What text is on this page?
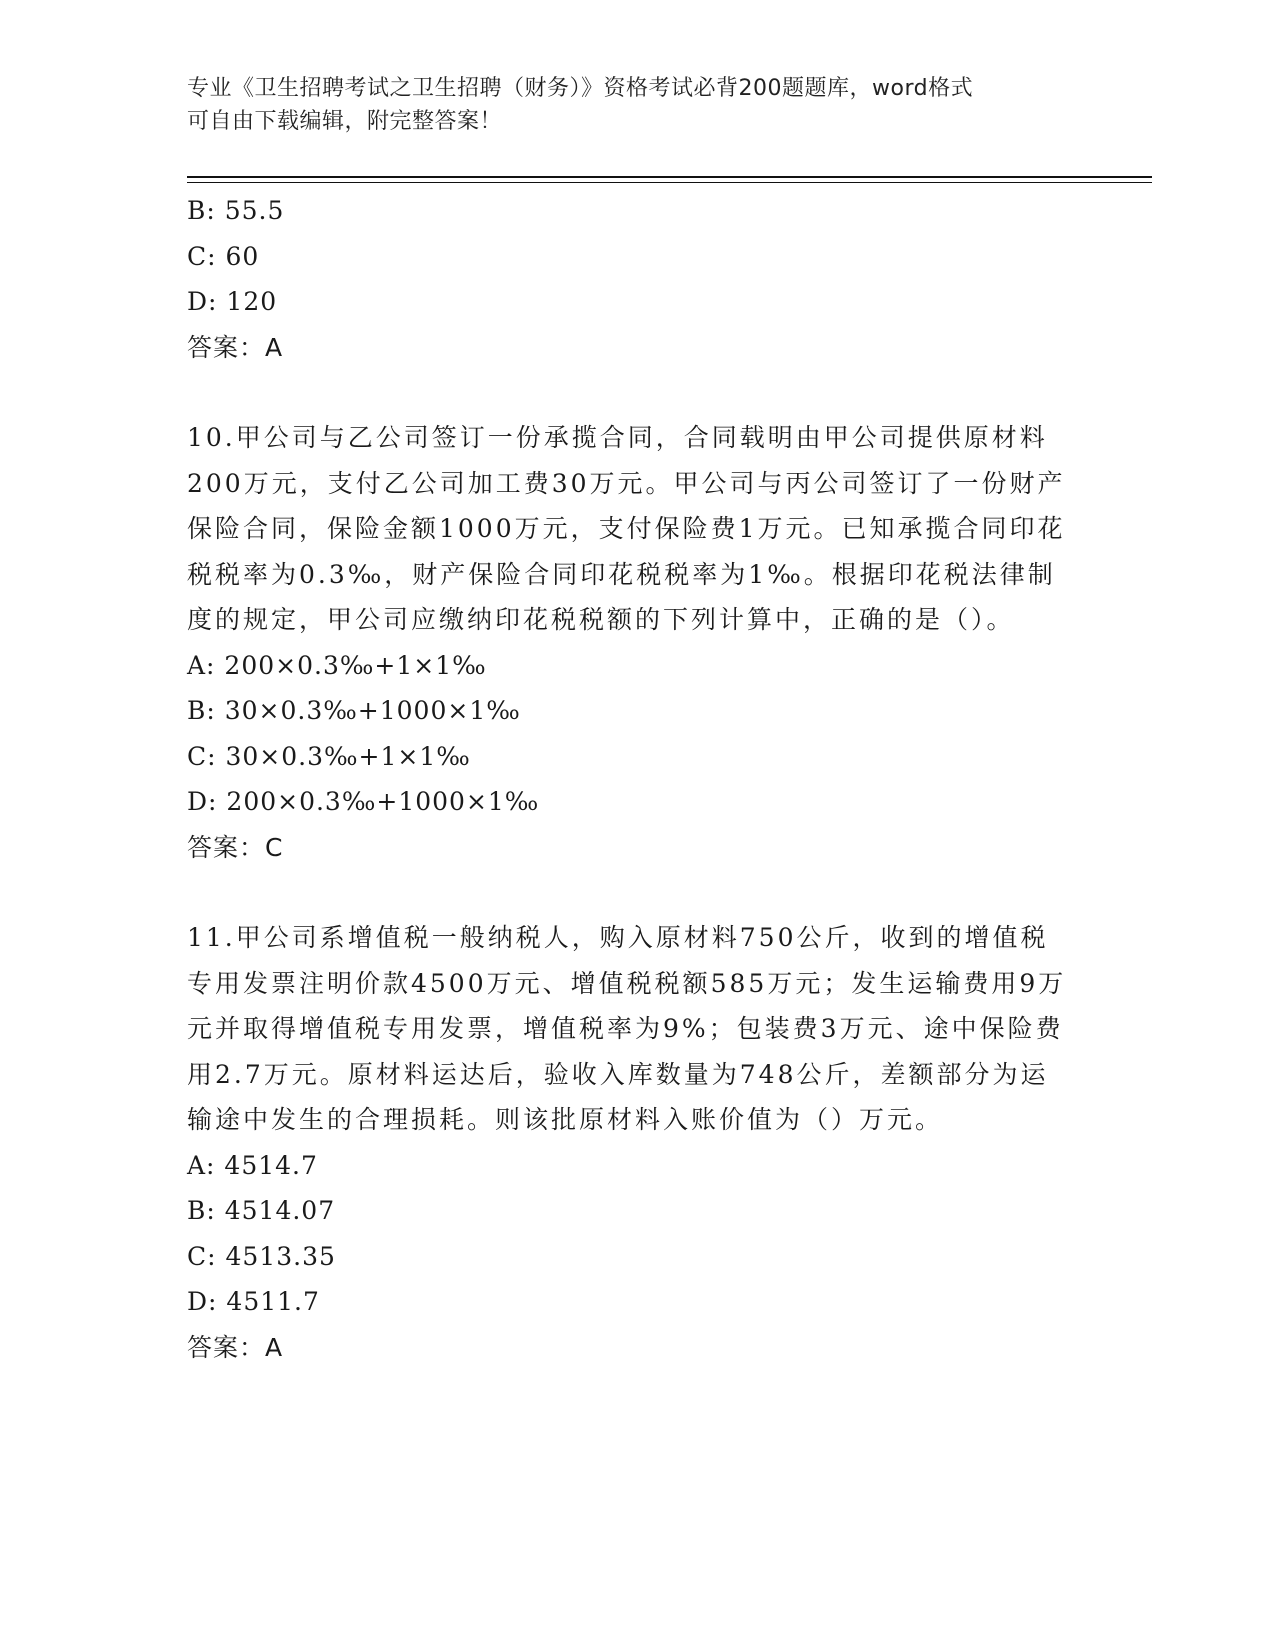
专业《卫生招聘考试之卫生招聘（财务）》资格考试必背200题题库，word格式
可自由下载编辑，附完整答案！
B: 55.5
C: 60
D: 120
答案：A
10.甲公司与乙公司签订一份承揽合同，合同载明由甲公司提供原材料200万元，支付乙公司加工费30万元。甲公司与丙公司签订了一份财产保险合同，保险金额1000万元，支付保险费1万元。已知承揽合同印花税税率为0.3‰，财产保险合同印花税税率为1‰。根据印花税法律制度的规定，甲公司应缴纳印花税税额的下列计算中，正确的是（）。
A: 200×0.3‰+1×1‰
B: 30×0.3‰+1000×1‰
C: 30×0.3‰+1×1‰
D: 200×0.3‰+1000×1‰
答案：C
11.甲公司系增值税一般纳税人，购入原材料750公斤，收到的增值税专用发票注明价款4500万元、增值税税额585万元；发生运输费用9万元并取得增值税专用发票，增值税率为9%；包装费3万元、途中保险费用2.7万元。原材料运达后，验收入库数量为748公斤，差额部分为运输途中发生的合理损耗。则该批原材料入账价值为（）万元。
A: 4514.7
B: 4514.07
C: 4513.35
D: 4511.7
答案：A
